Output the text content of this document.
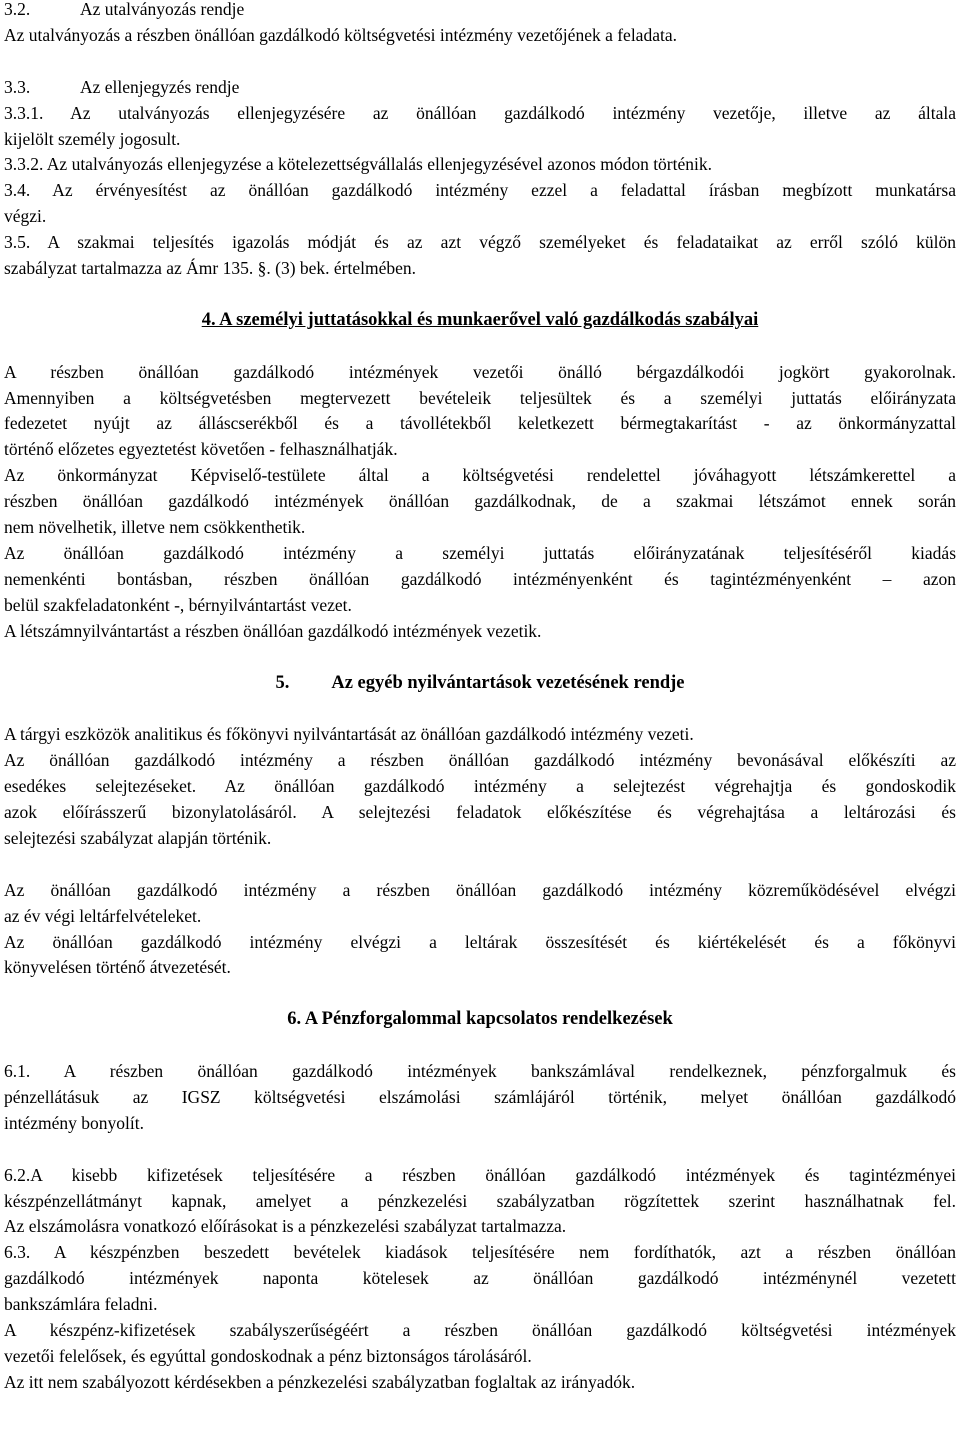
3.2.	Az utalványozás rendje
Az utalványozás a részben önállóan gazdálkodó költségvetési intézmény vezetőjének a feladata.
3.3.	Az ellenjegyzés rendje
3.3.1. Az utalványozás ellenjegyzésére az önállóan gazdálkodó intézmény vezetője, illetve az általa
kijelölt személy jogosult.
3.3.2. Az utalványozás ellenjegyzése a kötelezettségvállalás ellenjegyzésével azonos módon történik.
3.4. Az érvényesítést az önállóan gazdálkodó intézmény ezzel a feladattal írásban megbízott munkatársa
végzi.
3.5. A szakmai teljesítés igazolás módját és az azt végző személyeket és feladataikat az erről szóló külön
szabályzat tartalmazza az Ámr 135. §. (3) bek. értelmében.
4. A személyi juttatásokkal és munkaerővel való gazdálkodás szabályai
A részben önállóan gazdálkodó intézmények vezetői önálló bérgazdálkodói jogkört gyakorolnak.
Amennyiben a költségvetésben megtervezett bevételeik teljesültek és a személyi juttatás előirányzata
fedezetet nyújt az álláscserékből és a távollétekből keletkezett bérmegtakarítást - az önkormányzattal
történő előzetes egyeztetést követően - felhasználhatják.
Az önkormányzat Képviselő-testülete által a költségvetési rendelettel jóváhagyott létszámkerettel a
részben önállóan gazdálkodó intézmények önállóan gazdálkodnak, de a szakmai létszámot ennek során
nem növelhetik, illetve nem csökkenthetik.
Az önállóan gazdálkodó intézmény a személyi juttatás előirányzatának teljesítéséről kiadás
nemenkénti bontásban, részben önállóan gazdálkodó intézményenként és tagintézményenként – azon
belül szakfeladatonként -, bérnyilvántartást vezet.
A létszámnyilvántartást a részben önállóan gazdálkodó intézmények vezetik.
5. Az egyéb nyilvántartások vezetésének rendje
A tárgyi eszközök analitikus és főkönyvi nyilvántartását az önállóan gazdálkodó intézmény vezeti.
Az önállóan gazdálkodó intézmény a részben önállóan gazdálkodó intézmény bevonásával előkészíti az
esedékes selejtezéseket. Az önállóan gazdálkodó intézmény a selejtezést végrehajtja és gondoskodik
azok előírásszerű bizonylatolásáról. A selejtezési feladatok előkészítése és végrehajtása a leltározási és
selejtezési szabályzat alapján történik.
Az önállóan gazdálkodó intézmény a részben önállóan gazdálkodó intézmény közreműködésével elvégzi
az év végi leltárfelvételeket.
Az önállóan gazdálkodó intézmény elvégzi a leltárak összesítését és kiértékelését és a főkönyvi
könyvelésen történő átvezetését.
6. A Pénzforgalommal kapcsolatos rendelkezések
6.1. A részben önállóan gazdálkodó intézmények bankszámlával rendelkeznek, pénzforgalmuk és
pénzellátásuk az IGSZ költségvetési elszámolási számlájáról történik, melyet önállóan gazdálkodó
intézmény bonyolít.
6.2.A kisebb kifizetések teljesítésére a részben önállóan gazdálkodó intézmények és tagintézményei
készpénzellátmányt kapnak, amelyet a pénzkezelési szabályzatban rögzítettek szerint használhatnak fel.
Az elszámolásra vonatkozó előírásokat is a pénzkezelési szabályzat tartalmazza.
6.3. A készpénzben beszedett bevételek kiadások teljesítésére nem fordíthatók, azt a részben önállóan
gazdálkodó intézmények naponta kötelesek az önállóan gazdálkodó intézménynél vezetett
bankszámlára feladni.
A készpénz-kifizetések szabályszerűségéért a részben önállóan gazdálkodó költségvetési intézmények
vezetői felelősek, és egyúttal gondoskodnak a pénz biztonságos tárolásáról.
Az itt nem szabályozott kérdésekben a pénzkezelési szabályzatban foglaltak az irányadók.
